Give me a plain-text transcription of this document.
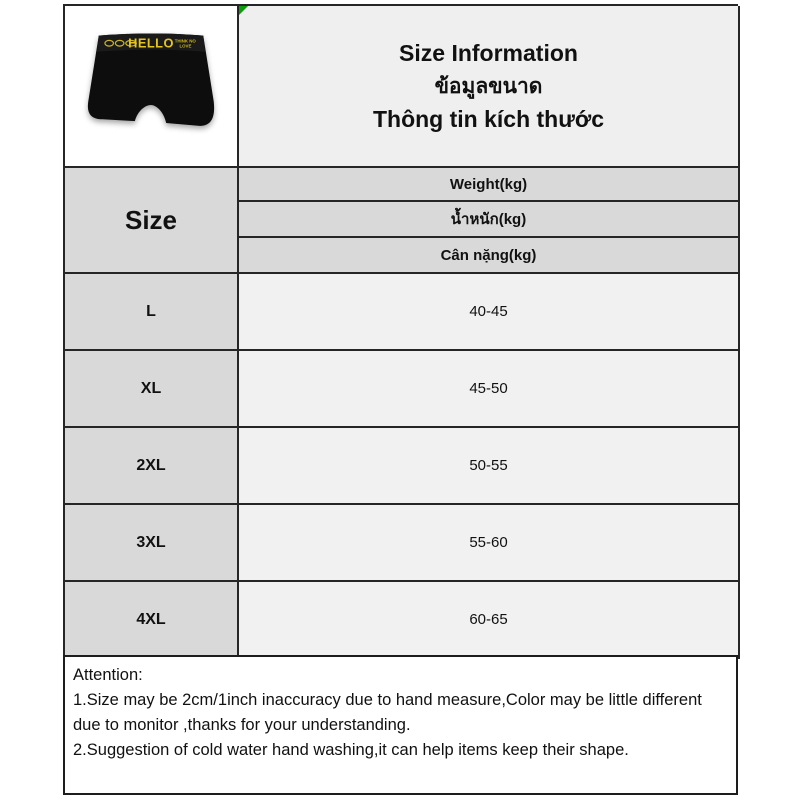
HELLO THINK NO
LOVE	Size Information
ข้อมูลขนาด
Thông tin kích thước
Size
Weight(kg)
น้ำหนัก(kg)
Cân nặng(kg)
L	40-45
XL	45-50
2XL	50-55
3XL	55-60
4XL	60-65
Attention:
1.Size may be 2cm/1inch inaccuracy due to hand measure,Color may be little different due to monitor ,thanks for your understanding.
2.Suggestion of cold water hand washing,it can help items keep their shape.
